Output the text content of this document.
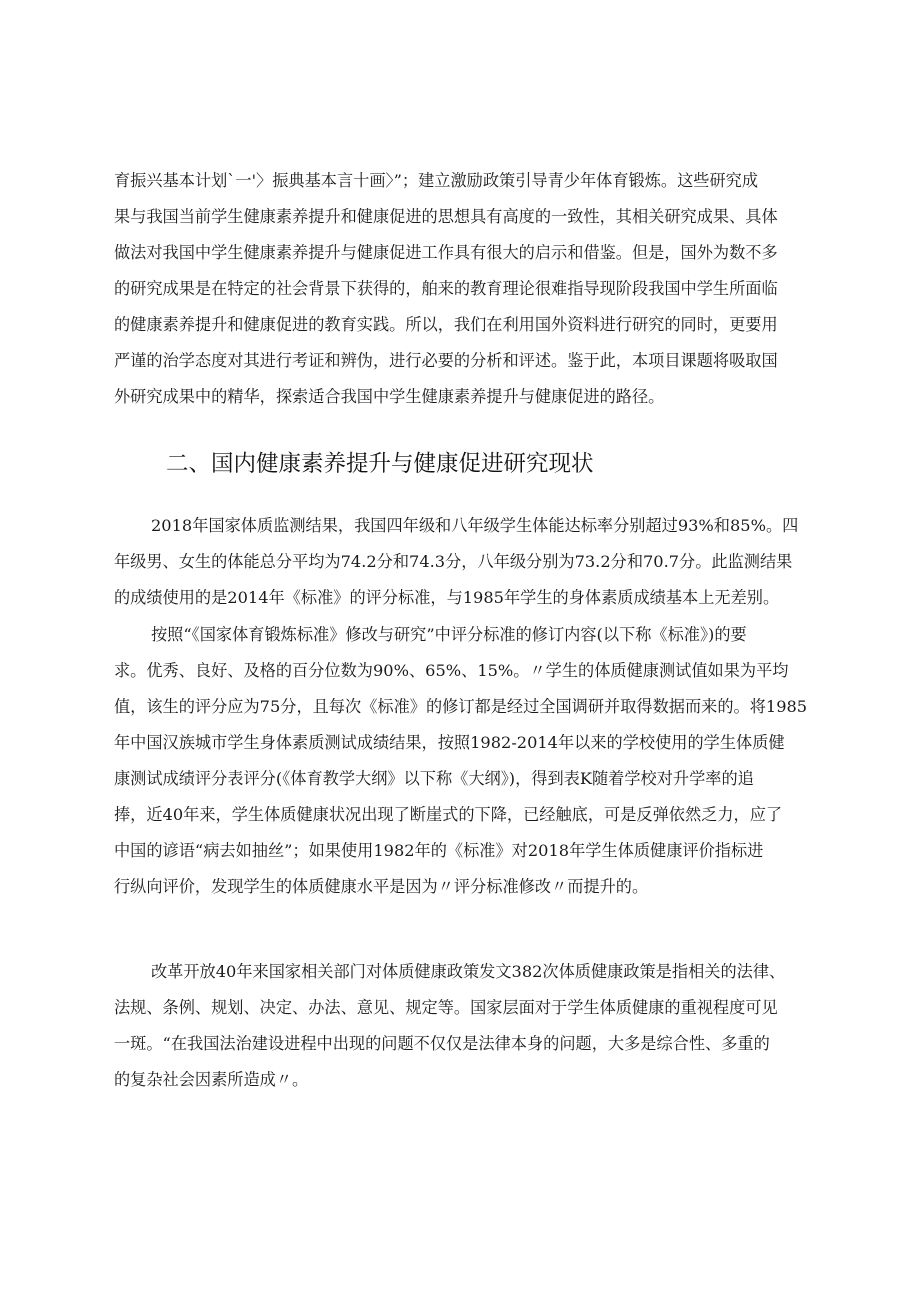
育振兴基本计划`一'〉振典基本言十画〉”；建立激励政策引导青少年体育锻炼。这些研究成
果与我国当前学生健康素养提升和健康促进的思想具有高度的一致性，其相关研究成果、具体
做法对我国中学生健康素养提升与健康促进工作具有很大的启示和借鉴。但是，国外为数不多
的研究成果是在特定的社会背景下获得的，舶来的教育理论很难指导现阶段我国中学生所面临
的健康素养提升和健康促进的教育实践。所以，我们在利用国外资料进行研究的同时，更要用
严谨的治学态度对其进行考证和辨伪，进行必要的分析和评述。鉴于此，本项目课题将吸取国
外研究成果中的精华，探索适合我国中学生健康素养提升与健康促进的路径。
二、国内健康素养提升与健康促进研究现状
2018年国家体质监测结果，我国四年级和八年级学生体能达标率分别超过93%和85%。四
年级男、女生的体能总分平均为74.2分和74.3分，八年级分别为73.2分和70.7分。此监测结果
的成绩使用的是2014年《标准》的评分标准，与1985年学生的身体素质成绩基本上无差别。
按照“《国家体育锻炼标准》修改与研究”中评分标准的修订内容(以下称《标准》)的要
求。优秀、良好、及格的百分位数为90%、65%、15%。〃学生的体质健康测试值如果为平均
值，该生的评分应为75分，且每次《标准》的修订都是经过全国调研并取得数据而来的。将1985
年中国汉族城市学生身体素质测试成绩结果，按照1982-2014年以来的学校使用的学生体质健
康测试成绩评分表评分(《体育教学大纲》以下称《大纲》)，得到表K随着学校对升学率的追
捧，近40年来，学生体质健康状况出现了断崖式的下降，已经触底，可是反弹依然乏力，应了
中国的谚语“病去如抽丝”；如果使用1982年的《标准》对2018年学生体质健康评价指标进
行纵向评价，发现学生的体质健康水平是因为〃评分标准修改〃而提升的。
改革开放40年来国家相关部门对体质健康政策发文382次体质健康政策是指相关的法律、
法规、条例、规划、决定、办法、意见、规定等。国家层面对于学生体质健康的重视程度可见
一斑。“在我国法治建设进程中出现的问题不仅仅是法律本身的问题，大多是综合性、多重的
的复杂社会因素所造成〃。
